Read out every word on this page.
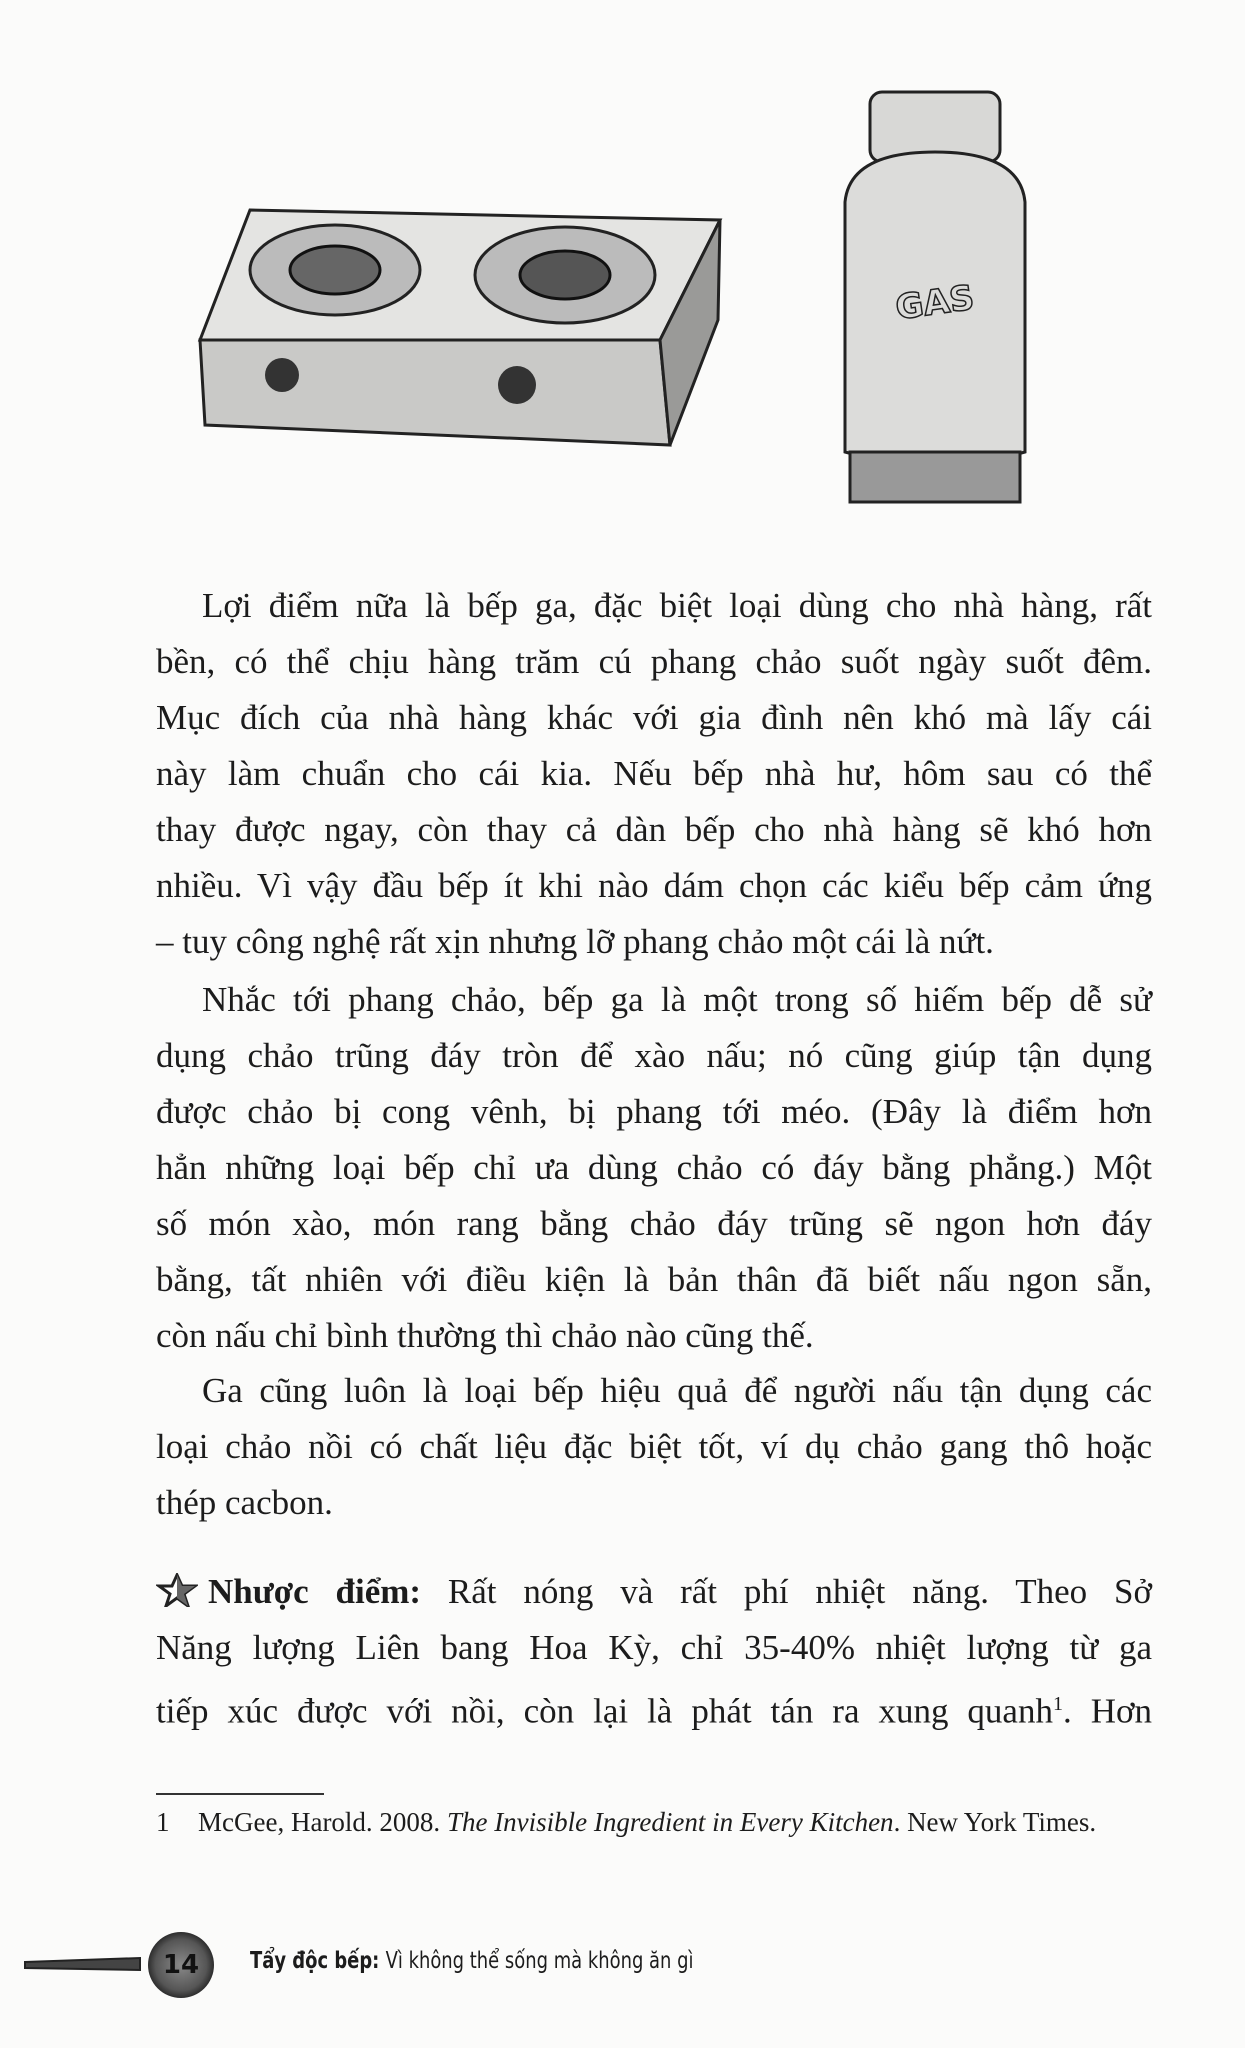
GAS
Lợi điểm nữa là bếp ga, đặc biệt loại dùng cho nhà hàng, rất
bền, có thể chịu hàng trăm cú phang chảo suốt ngày suốt đêm.
Mục đích của nhà hàng khác với gia đình nên khó mà lấy cái
này làm chuẩn cho cái kia. Nếu bếp nhà hư, hôm sau có thể
thay được ngay, còn thay cả dàn bếp cho nhà hàng sẽ khó hơn
nhiều. Vì vậy đầu bếp ít khi nào dám chọn các kiểu bếp cảm ứng
– tuy công nghệ rất xịn nhưng lỡ phang chảo một cái là nứt.
Nhắc tới phang chảo, bếp ga là một trong số hiếm bếp dễ sử
dụng chảo trũng đáy tròn để xào nấu; nó cũng giúp tận dụng
được chảo bị cong vênh, bị phang tới méo. (Đây là điểm hơn
hẳn những loại bếp chỉ ưa dùng chảo có đáy bằng phẳng.) Một
số món xào, món rang bằng chảo đáy trũng sẽ ngon hơn đáy
bằng, tất nhiên với điều kiện là bản thân đã biết nấu ngon sẵn,
còn nấu chỉ bình thường thì chảo nào cũng thế.
Ga cũng luôn là loại bếp hiệu quả để người nấu tận dụng các
loại chảo nồi có chất liệu đặc biệt tốt, ví dụ chảo gang thô hoặc
thép cacbon.
Nhược điểm: Rất nóng và rất phí nhiệt năng. Theo Sở
Năng lượng Liên bang Hoa Kỳ, chỉ 35-40% nhiệt lượng từ ga
tiếp xúc được với nồi, còn lại là phát tán ra xung quanh$^1$. Hơn
1 McGee, Harold. 2008. The Invisible Ingredient in Every Kitchen. New York Times.
14	Tẩy độc bếp: Vì không thể sống mà không ăn gì
